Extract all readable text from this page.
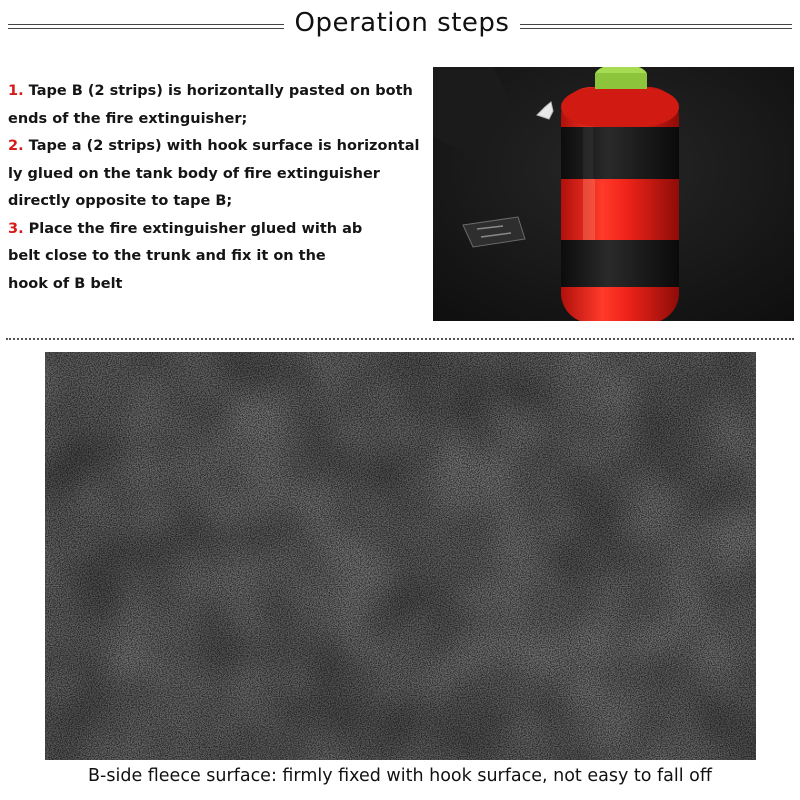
Operation steps
1. Tape B (2 strips) is horizontally pasted on both
ends of the fire extinguisher;
2. Tape a (2 strips) with hook surface is horizontal
ly glued on the tank body of fire extinguisher
directly opposite to tape B;
3. Place the fire extinguisher glued with ab
belt close to the trunk and fix it on the
hook of B belt
B-side fleece surface: firmly fixed with hook surface, not easy to fall off
